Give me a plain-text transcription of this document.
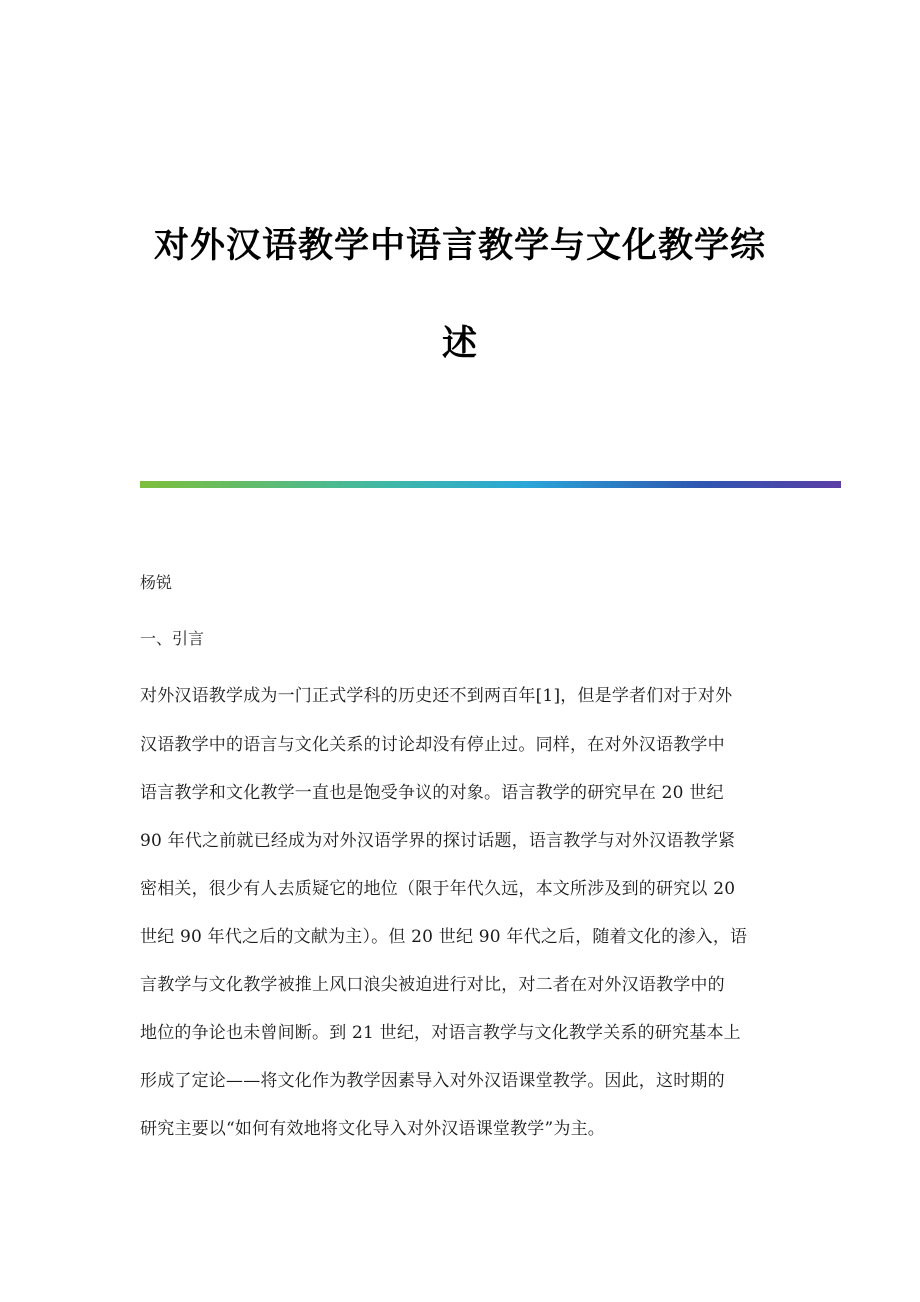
对外汉语教学中语言教学与文化教学综
述
杨锐
一、引言
对外汉语教学成为一门正式学科的历史还不到两百年[1]，但是学者们对于对外
汉语教学中的语言与文化关系的讨论却没有停止过。同样，在对外汉语教学中
语言教学和文化教学一直也是饱受争议的对象。语言教学的研究早在 20 世纪
90 年代之前就已经成为对外汉语学界的探讨话题，语言教学与对外汉语教学紧
密相关，很少有人去质疑它的地位（限于年代久远，本文所涉及到的研究以 20
世纪 90 年代之后的文献为主）。但 20 世纪 90 年代之后，随着文化的渗入，语
言教学与文化教学被推上风口浪尖被迫进行对比，对二者在对外汉语教学中的
地位的争论也未曾间断。到 21 世纪，对语言教学与文化教学关系的研究基本上
形成了定论——将文化作为教学因素导入对外汉语课堂教学。因此，这时期的
研究主要以“如何有效地将文化导入对外汉语课堂教学”为主。
